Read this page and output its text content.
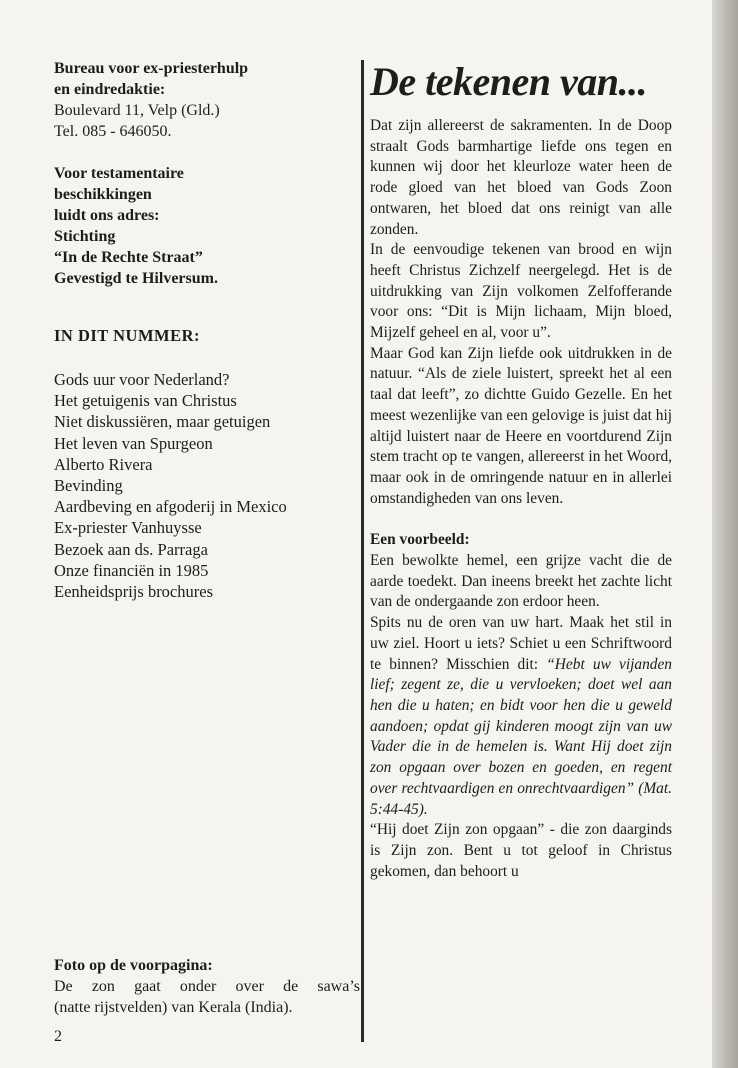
Bureau voor ex-priesterhulp

en eindredaktie:

Boulevard 11, Velp (Gld.)

Tel. 085 - 646050.

Voor testamentaire

beschikkingen

luidt ons adres:

Stichting

“In de Rechte Straat”

Gevestigd te Hilversum.

IN DIT NUMMER:
Gods uur voor Nederland?
Het getuigenis van Christus
Niet diskussiëren, maar getuigen
Het leven van Spurgeon
Alberto Rivera
Bevinding
Aardbeving en afgoderij in Mexico
Ex-priester Vanhuysse
Bezoek aan ds. Parraga
Onze financiën in 1985
Eenheidsprijs brochures
Foto op de voorpagina:
De zon gaat onder over de sawa’s
(natte rijstvelden) van Kerala (India).
De tekenen van...

Dat zijn allereerst de sakramenten. In de Doop straalt Gods barmhartige liefde ons tegen en kunnen wij door het kleurloze water heen de rode gloed van het bloed van Gods Zoon ontwaren, het bloed dat ons reinigt van alle zonden.

In de eenvoudige tekenen van brood en wijn heeft Christus Zichzelf neergelegd. Het is de uitdrukking van Zijn volkomen Zelfofferande voor ons: “Dit is Mijn lichaam, Mijn bloed, Mijzelf geheel en al, voor u”.

Maar God kan Zijn liefde ook uitdrukken in de natuur. “Als de ziele luistert, spreekt het al een taal dat leeft”, zo dichtte Guido Gezelle. En het meest wezenlijke van een gelovige is juist dat hij altijd luistert naar de Heere en voortdurend Zijn stem tracht op te vangen, allereerst in het Woord, maar ook in de omringende natuur en in allerlei omstandigheden van ons leven.

Een voorbeeld:

Een bewolkte hemel, een grijze vacht die de aarde toedekt. Dan ineens breekt het zachte licht van de ondergaande zon erdoor heen.

Spits nu de oren van uw hart. Maak het stil in uw ziel. Hoort u iets? Schiet u een Schriftwoord te binnen? Misschien dit: “Hebt uw vijanden lief; zegent ze, die u vervloeken; doet wel aan hen die u haten; en bidt voor hen die u geweld aandoen; opdat gij kinderen moogt zijn van uw Vader die in de hemelen is. Want Hij doet zijn zon opgaan over bozen en goeden, en regent over rechtvaardigen en onrechtvaardigen” (Mat. 5:44-45).

“Hij doet Zijn zon opgaan” - die zon daarginds is Zijn zon. Bent u tot geloof in Christus gekomen, dan behoort u

2
